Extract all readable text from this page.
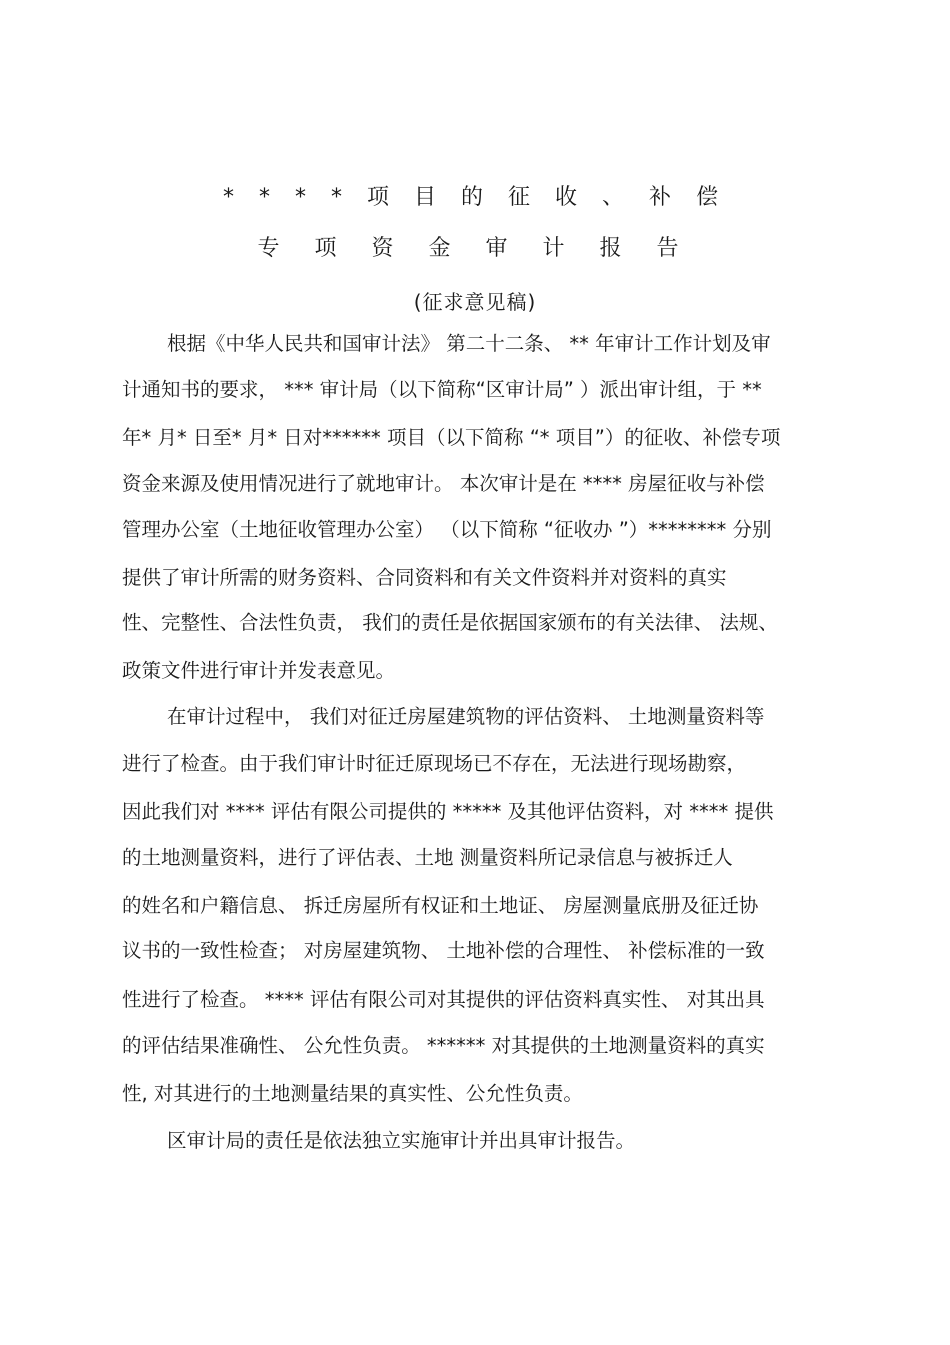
* * * * 项 目 的 征 收 、 补 偿
专 项 资 金 审 计 报 告
(征求意见稿)
根据《中华人民共和国审计法》 第二十二条、 ** 年审计工作计划及审
计通知书的要求， *** 审计局（以下简称“区审计局” ）派出审计组，于 **
年* 月* 日至* 月* 日对****** 项目（以下简称 “* 项目”）的征收、补偿专项
资金来源及使用情况进行了就地审计。 本次审计是在 **** 房屋征收与补偿
管理办公室（土地征收管理办公室） （以下简称 “征收办 ”）******** 分别
提供了审计所需的财务资料、合同资料和有关文件资料并对资料的真实
性、完整性、合法性负责， 我们的责任是依据国家颁布的有关法律、 法规、
政策文件进行审计并发表意见。
在审计过程中， 我们对征迁房屋建筑物的评估资料、 土地测量资料等
进行了检查。由于我们审计时征迁原现场已不存在，无法进行现场勘察，
因此我们对 **** 评估有限公司提供的 ***** 及其他评估资料，对 **** 提供
的土地测量资料，进行了评估表、土地 测量资料所记录信息与被拆迁人
的姓名和户籍信息、 拆迁房屋所有权证和土地证、 房屋测量底册及征迁协
议书的一致性检查； 对房屋建筑物、 土地补偿的合理性、 补偿标准的一致
性进行了检查。 **** 评估有限公司对其提供的评估资料真实性、 对其出具
的评估结果准确性、 公允性负责。 ****** 对其提供的土地测量资料的真实
性, 对其进行的土地测量结果的真实性、公允性负责。
区审计局的责任是依法独立实施审计并出具审计报告。
